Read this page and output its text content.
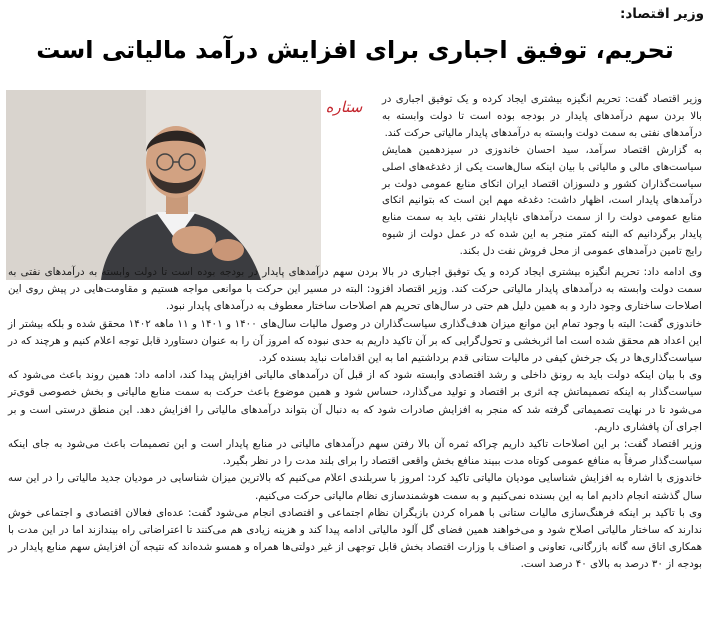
وزیر اقتصاد:
تحریم، توفیق اجباری برای افزایش درآمد مالیاتی است
ستاره وزیر اقتصاد گفت: تحریم انگیزه بیشتری ایجاد کرده و یک توفیق اجباری در بالا بردن سهم درآمدهای پایدار در بودجه بوده است تا دولت وابسته به درآمدهای نفتی به سمت دولت وابسته به درآمدهای پایدار مالیاتی حرکت کند.

به گزارش اقتصاد سرآمد، سید احسان خاندوزی در سیزدهمین همایش سیاست‌های مالی و مالیاتی با بیان اینکه سال‌هاست یکی از دغدغه‌های اصلی سیاست‌گذاران کشور و دلسوزان اقتصاد ایران اتکای منابع عمومی دولت بر درآمدهای پایدار است، اظهار داشت: دغدغه مهم این است که بتوانیم اتکای منابع عمومی دولت را از سمت درآمدهای ناپایدار نفتی باید به سمت منابع پایدار برگردانیم که البته کمتر منجر به این شده که در عمل دولت از شیوه رایج تامین درآمدهای عمومی از محل فروش نفت دل بکند.

وی ادامه داد: تحریم انگیزه بیشتری ایجاد کرده و یک توفیق اجباری در بالا بردن سهم درآمدهای پایدار در بودجه بوده است تا دولت وابسته به درآمدهای نفتی به سمت دولت وابسته به درآمدهای پایدار مالیاتی حرکت کند. وزیر اقتصاد افزود: البته در مسیر این حرکت با موانعی مواجه هستیم و مقاومت‌هایی در پیش روی این اصلاحات ساختاری وجود دارد و به همین دلیل هم حتی در سال‌های تحریم هم اصلاحات ساختار معطوف به درآمدهای پایدار نبود.

خاندوزی گفت: البته با وجود تمام این موانع میزان هدف‌گذاری سیاست‌گذاران در وصول مالیات سال‌های ۱۴۰۰ و ۱۴۰۱ و ۱۱ ماهه ۱۴۰۲ محقق شده و بلکه بیشتر از این اعداد هم محقق شده است اما اثربخشی و تحول‌گرایی که بر آن تاکید داریم به حدی نبوده که امروز آن را به عنوان دستاورد قابل توجه اعلام کنیم و هرچند که در سیاست‌گذاری‌ها در یک جرخش کیفی در مالیات ستانی قدم برداشتیم اما به این اقدامات نباید بسنده کرد.

وی با بیان اینکه دولت باید به رونق داخلی و رشد اقتصادی وابسته شود که از قبل آن درآمدهای مالیاتی افزایش پیدا کند، ادامه داد: همین روند باعث می‌شود که سیاست‌گذار به اینکه تصمیماتش چه اثری بر اقتصاد و تولید می‌گذارد، حساس شود و همین موضوع باعث حرکت به سمت منابع مالیاتی و بخش خصوصی قوی‌تر می‌شود تا در نهایت تصمیماتی گرفته شد که منجر به افزایش صادرات شود که به دنبال آن بتواند درآمدهای مالیاتی را افزایش دهد. این منطق درستی است و بر اجرای آن پافشاری داریم.

وزیر اقتصاد گفت: بر این اصلاحات تاکید داریم چراکه ثمره آن بالا رفتن سهم درآمدهای مالیاتی در منابع پایدار است و این تصمیمات باعث می‌شود به جای اینکه سیاست‌گذار صرفاً به منافع عمومی کوتاه مدت ببیند منافع بخش واقعی اقتصاد را برای بلند مدت را در نظر بگیرد.

خاندوزی با اشاره به افزایش شناسایی مودیان مالیاتی تاکید کرد: امروز با سربلندی اعلام می‌کنیم که بالاترین میزان شناسایی در مودیان جدید مالیاتی را در این سه سال گذشته انجام دادیم اما به این بسنده نمی‌کنیم و به سمت هوشمندسازی نظام مالیاتی حرکت می‌کنیم.

وی با تاکید بر اینکه فرهنگ‌سازی مالیات ستانی با همراه کردن بازیگران نظام اجتماعی و اقتصادی انجام می‌شود گفت: عده‌ای فعالان اقتصادی و اجتماعی خوش ندارند که ساختار مالیاتی اصلاح شود و می‌خواهند همین فضای گل آلود مالیاتی ادامه پیدا کند و هزینه زیادی هم می‌کنند تا اعتراضاتی راه بیندازند اما در این مدت با همکاری اتاق سه گانه بازرگانی، تعاونی و اصناف با وزارت اقتصاد بخش قابل توجهی از غیر دولتی‌ها همراه و همسو شده‌اند که نتیجه آن افزایش سهم منابع پایدار در بودجه از ۳۰ درصد به بالای ۴۰ درصد است.
